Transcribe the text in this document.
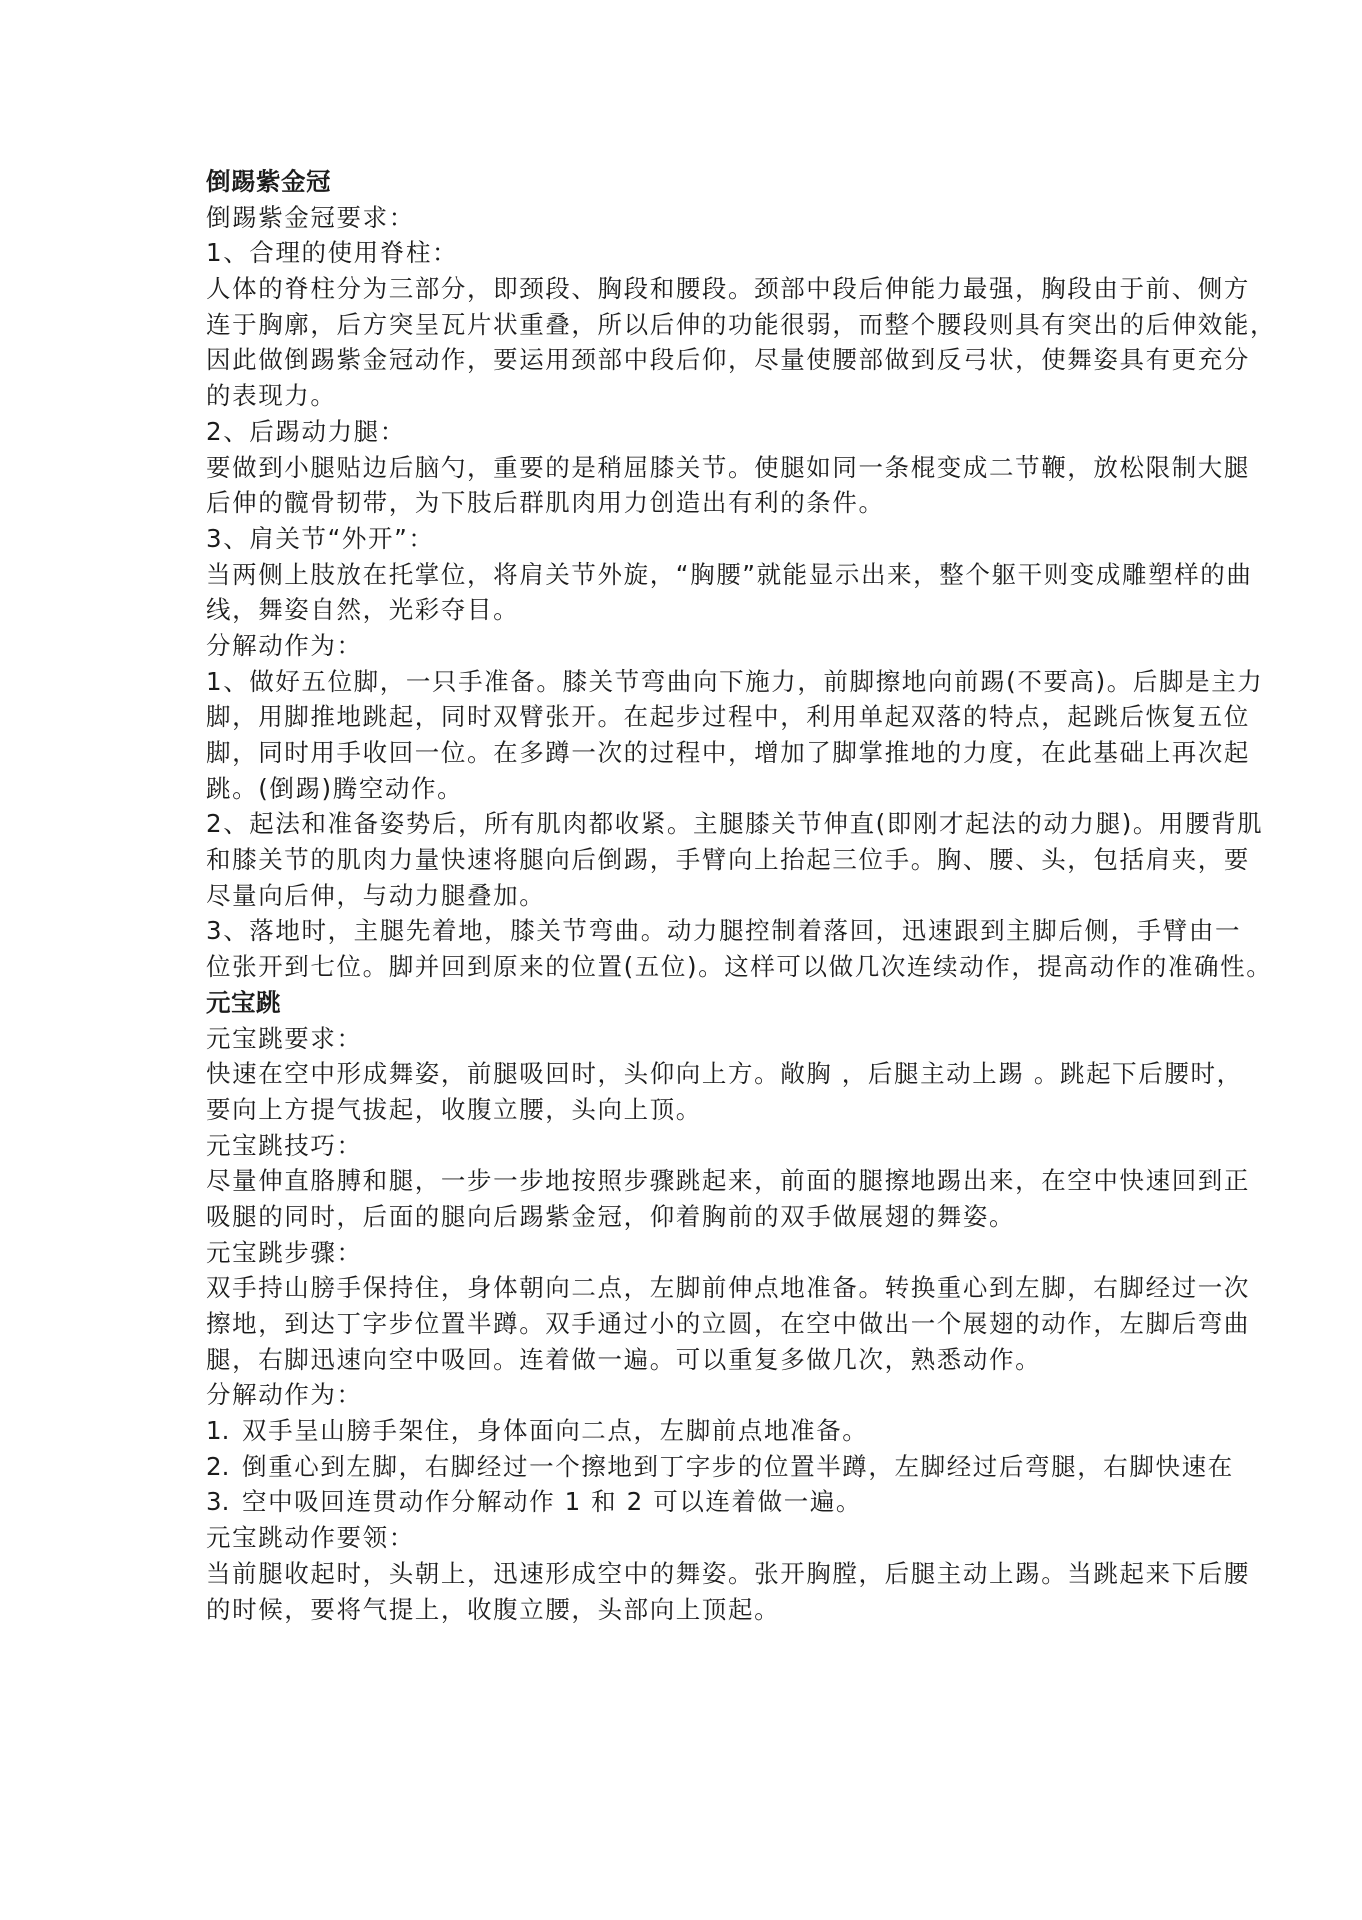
倒踢紫金冠
倒踢紫金冠要求：
1、合理的使用脊柱：
人体的脊柱分为三部分，即颈段、胸段和腰段。颈部中段后伸能力最强，胸段由于前、侧方
连于胸廓，后方突呈瓦片状重叠，所以后伸的功能很弱，而整个腰段则具有突出的后伸效能，
因此做倒踢紫金冠动作，要运用颈部中段后仰，尽量使腰部做到反弓状，使舞姿具有更充分
的表现力。
2、后踢动力腿：
要做到小腿贴边后脑勺，重要的是稍屈膝关节。使腿如同一条棍变成二节鞭，放松限制大腿
后伸的髋骨韧带，为下肢后群肌肉用力创造出有利的条件。
3、肩关节“外开”：
当两侧上肢放在托掌位，将肩关节外旋，“胸腰”就能显示出来，整个躯干则变成雕塑样的曲
线，舞姿自然，光彩夺目。
分解动作为：
1、做好五位脚，一只手准备。膝关节弯曲向下施力，前脚擦地向前踢(不要高)。后脚是主力
脚，用脚推地跳起，同时双臂张开。在起步过程中，利用单起双落的特点，起跳后恢复五位
脚，同时用手收回一位。在多蹲一次的过程中，增加了脚掌推地的力度，在此基础上再次起
跳。(倒踢)腾空动作。
2、起法和准备姿势后，所有肌肉都收紧。主腿膝关节伸直(即刚才起法的动力腿)。用腰背肌
和膝关节的肌肉力量快速将腿向后倒踢，手臂向上抬起三位手。胸、腰、头，包括肩夹，要
尽量向后伸，与动力腿叠加。
3、落地时，主腿先着地，膝关节弯曲。动力腿控制着落回，迅速跟到主脚后侧，手臂由一
位张开到七位。脚并回到原来的位置(五位)。这样可以做几次连续动作，提高动作的准确性。
元宝跳
元宝跳要求：
快速在空中形成舞姿，前腿吸回时，头仰向上方。敞胸 ，后腿主动上踢 。跳起下后腰时，
要向上方提气拔起，收腹立腰，头向上顶。
元宝跳技巧：
尽量伸直胳膊和腿，一步一步地按照步骤跳起来，前面的腿擦地踢出来，在空中快速回到正
吸腿的同时，后面的腿向后踢紫金冠，仰着胸前的双手做展翅的舞姿。
元宝跳步骤：
双手持山膀手保持住，身体朝向二点，左脚前伸点地准备。转换重心到左脚，右脚经过一次
擦地，到达丁字步位置半蹲。双手通过小的立圆，在空中做出一个展翅的动作，左脚后弯曲
腿，右脚迅速向空中吸回。连着做一遍。可以重复多做几次，熟悉动作。
分解动作为：
1. 双手呈山膀手架住，身体面向二点，左脚前点地准备。
2. 倒重心到左脚，右脚经过一个擦地到丁字步的位置半蹲，左脚经过后弯腿，右脚快速在
3. 空中吸回连贯动作分解动作 1 和 2 可以连着做一遍。
元宝跳动作要领：
当前腿收起时，头朝上，迅速形成空中的舞姿。张开胸膛，后腿主动上踢。当跳起来下后腰
的时候，要将气提上，收腹立腰，头部向上顶起。
